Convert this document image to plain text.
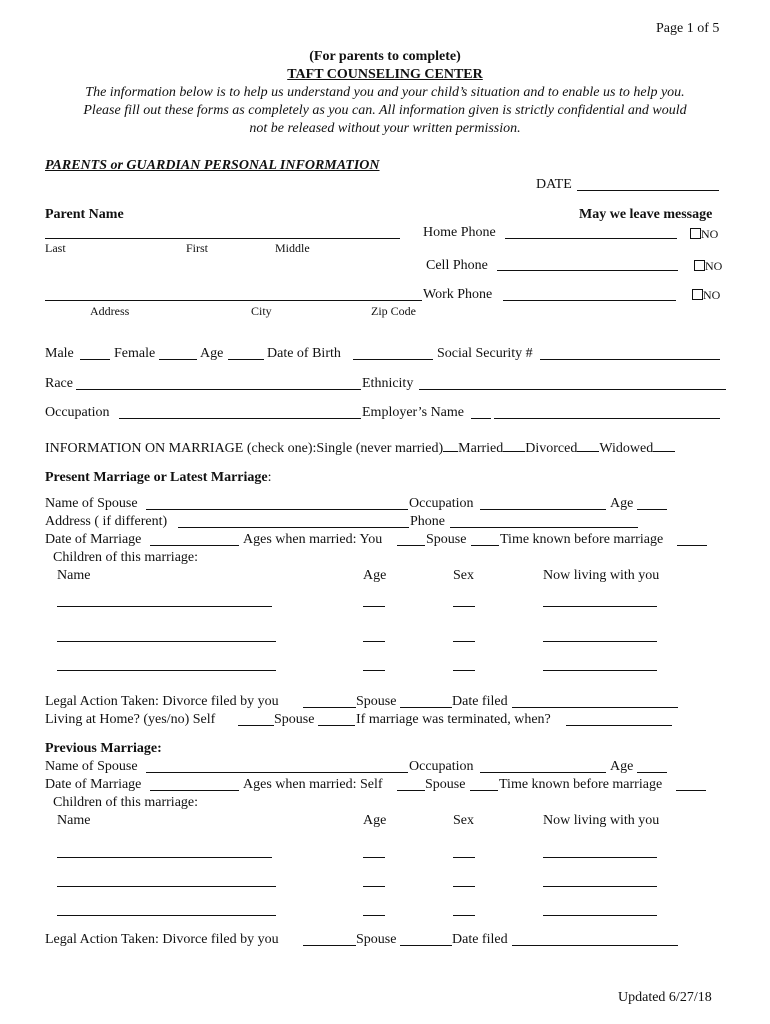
Page 1 of 5
(For parents to complete)
TAFT COUNSELING CENTER
The information below is to help us understand you and your child’s situation and to enable us to help you.
Please fill out these forms as completely as you can. All information given is strictly confidential and would
not be released without your written permission.
PARENTS or GUARDIAN PERSONAL INFORMATION
DATE
Parent Name	May we leave message
Last	First	Middle
Home Phone	NO
Cell Phone	NO
Work Phone	NO
Address	City	Zip Code
Male	Female	Age	Date of Birth	Social Security #
Race	Ethnicity
Occupation	Employer’s Name
INFORMATION ON MARRIAGE (check one):Single (never married) Married Divorced Widowed
Present Marriage or Latest Marriage:
Name of Spouse	Occupation	Age
Address ( if different)	Phone
Date of Marriage	Ages when married: You	Spouse Time known before marriage
Children of this marriage:
Name	Age	Sex	Now living with you
Legal Action Taken: Divorce filed by you	Spouse	Date filed
Living at Home? (yes/no) Self	Spouse	If marriage was terminated, when?
Previous Marriage:
Name of Spouse	Occupation	Age
Date of Marriage	Ages when married: Self	Spouse Time known before marriage
Children of this marriage:
Name	Age	Sex	Now living with you
Legal Action Taken: Divorce filed by you	Spouse	Date filed
Updated 6/27/18
